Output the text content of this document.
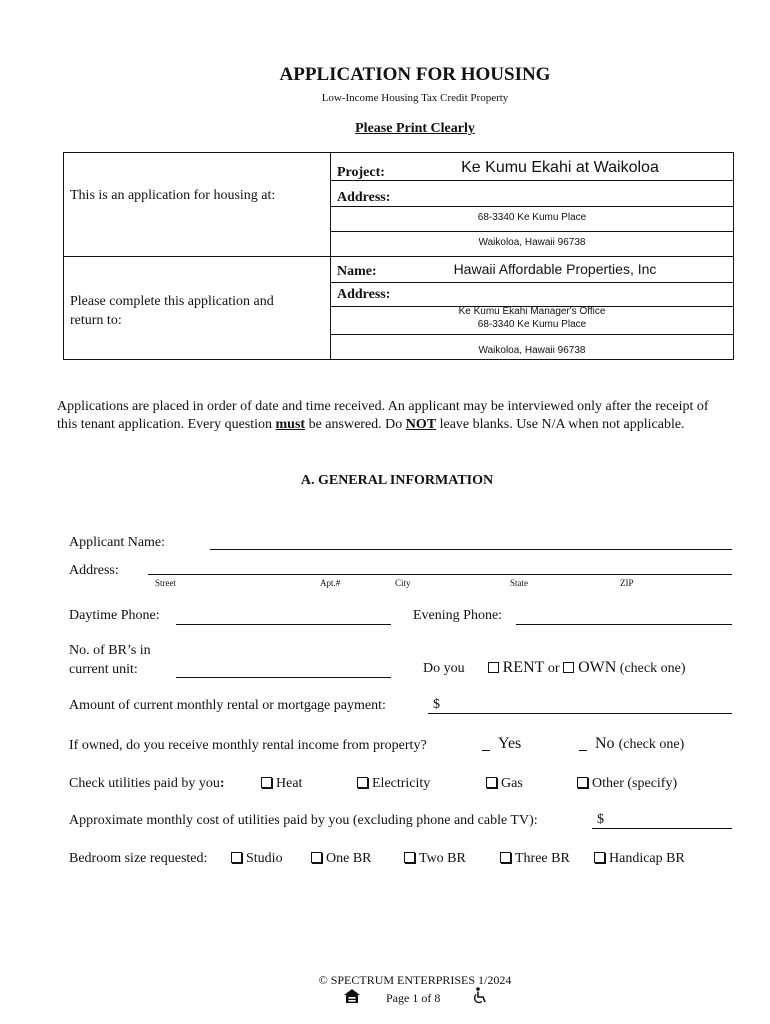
APPLICATION FOR HOUSING
Low-Income Housing Tax Credit Property
Please Print Clearly
This is an application for housing at:
Project:	Ke Kumu Ekahi at Waikoloa
Address:
68-3340 Ke Kumu Place
Waikoloa, Hawaii 96738
Please complete this application and return to:
Name:	Hawaii Affordable Properties, Inc
Address:
Ke Kumu Ekahi Manager's Office
68-3340 Ke Kumu Place
Waikoloa, Hawaii 96738
Applications are placed in order of date and time received. An applicant may be interviewed only after the receipt of this tenant application. Every question must be answered. Do NOT leave blanks. Use N/A when not applicable.
A. GENERAL INFORMATION
Applicant Name:
Address:
Street	Apt.#	City	State	ZIP
Daytime Phone:	Evening Phone:
No. of BR’s in
current unit:	Do you RENT or OWN (check one)
Amount of current monthly rental or mortgage payment:	$
If owned, do you receive monthly rental income from property?	Yes	No (check one)
Check utilities paid by you:	Heat	Electricity	Gas	Other (specify)
Approximate monthly cost of utilities paid by you (excluding phone and cable TV):	$
Bedroom size requested:	Studio	One BR	Two BR	Three BR	Handicap BR
© SPECTRUM ENTERPRISES 1/2024
Page 1 of 8
